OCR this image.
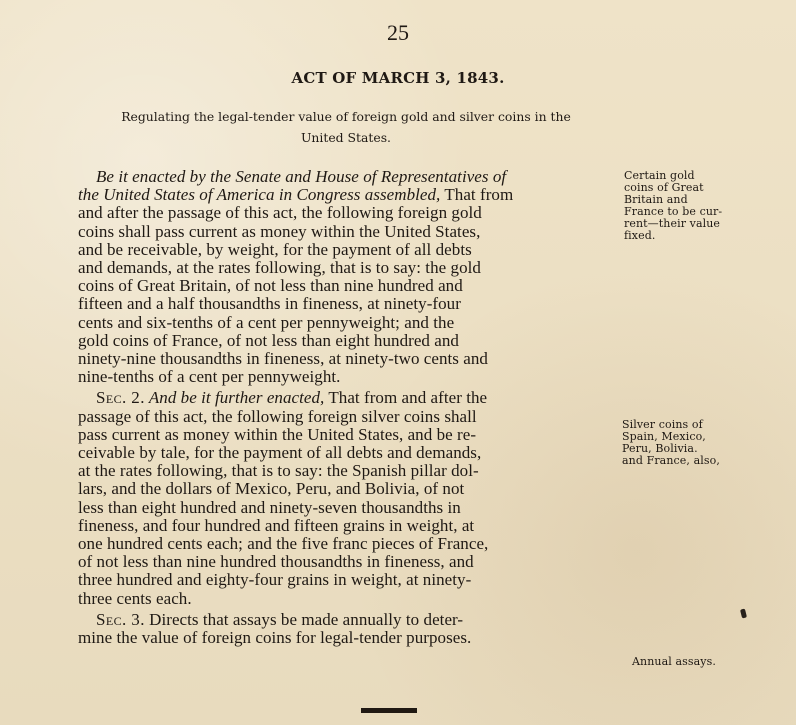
25
ACT OF MARCH 3, 1843.
Regulating the legal-tender value of foreign gold and silver coins in the
United States.
Be it enacted by the Senate and House of Representatives of
the United States of America in Congress assembled, That from
and after the passage of this act, the following foreign gold
coins shall pass current as money within the United States,
and be receivable, by weight, for the payment of all debts
and demands, at the rates following, that is to say: the gold
coins of Great Britain, of not less than nine hundred and
fifteen and a half thousandths in fineness, at ninety-four
cents and six-tenths of a cent per pennyweight; and the
gold coins of France, of not less than eight hundred and
ninety-nine thousandths in fineness, at ninety-two cents and
nine-tenths of a cent per pennyweight.
Sec. 2. And be it further enacted, That from and after the
passage of this act, the following foreign silver coins shall
pass current as money within the United States, and be re-
ceivable by tale, for the payment of all debts and demands,
at the rates following, that is to say: the Spanish pillar dol-
lars, and the dollars of Mexico, Peru, and Bolivia, of not
less than eight hundred and ninety-seven thousandths in
fineness, and four hundred and fifteen grains in weight, at
one hundred cents each; and the five franc pieces of France,
of not less than nine hundred thousandths in fineness, and
three hundred and eighty-four grains in weight, at ninety-
three cents each.
Sec. 3. Directs that assays be made annually to deter-
mine the value of foreign coins for legal-tender purposes.
Certain gold
coins of Great
Britain and
France to be cur-
rent—their value
fixed.
Silver coins of
Spain, Mexico,
Peru, Bolivia.
and France, also,
Annual assays.
